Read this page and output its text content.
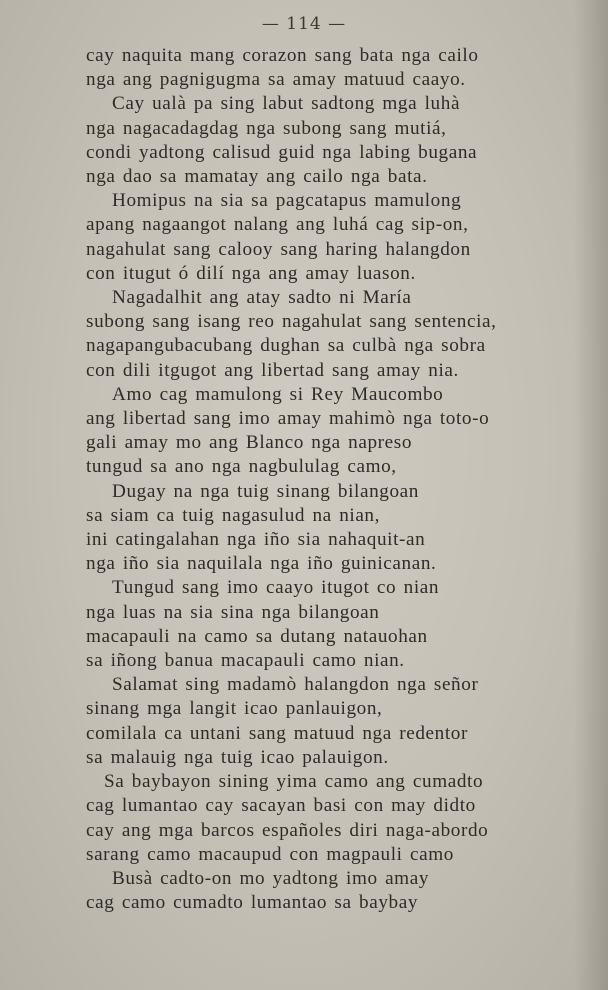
— 114 —
cay naquita mang corazon sang bata nga cailo
nga ang pagnigugma sa amay matuud caayo.
Cay ualà pa sing labut sadtong mga luhà
nga nagacadagdag nga subong sang mutiá,
condi yadtong calisud guid nga labing bugana
nga dao sa mamatay ang cailo nga bata.
Homipus na sia sa pagcatapus mamulong
apang nagaangot nalang ang luhá cag sip-on,
nagahulat sang calooy sang haring halangdon
con itugut ó dilí nga ang amay luason.
Nagadalhit ang atay sadto ni María
subong sang isang reo nagahulat sang sentencia,
nagapangubacubang dughan sa culbà nga sobra
con dili itgugot ang libertad sang amay nia.
Amo cag mamulong si Rey Maucombo
ang libertad sang imo amay mahimò nga toto-o
gali amay mo ang Blanco nga napreso
tungud sa ano nga nagbululag camo,
Dugay na nga tuig sinang bilangoan
sa siam ca tuig nagasulud na nian,
ini catingalahan nga iño sia nahaquit-an
nga iño sia naquilala nga iño guinicanan.
Tungud sang imo caayo itugot co nian
nga luas na sia sina nga bilangoan
macapauli na camo sa dutang natauohan
sa iñong banua macapauli camo nian.
Salamat sing madamò halangdon nga señor
sinang mga langit icao panlauigon,
comilala ca untani sang matuud nga redentor
sa malauig nga tuig icao palauigon.
Sa baybayon sining yima camo ang cumadto
cag lumantao cay sacayan basi con may didto
cay ang mga barcos españoles diri naga-abordo
sarang camo macaupud con magpauli camo
Busà cadto-on mo yadtong imo amay
cag camo cumadto lumantao sa baybay
